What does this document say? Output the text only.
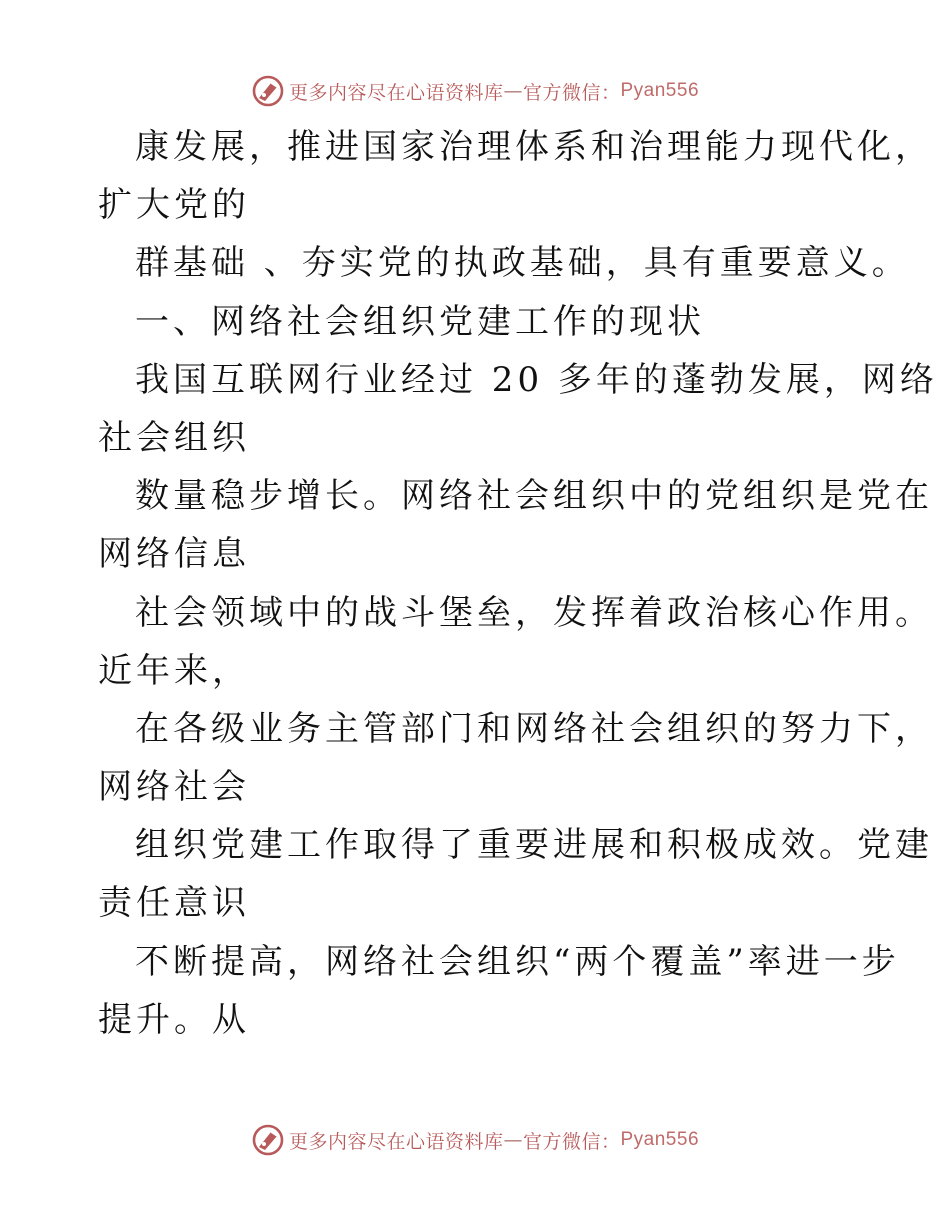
更多内容尽在心语资料库 — 官方微信： Pyan556
康发展，推进国家治理体系和治理能力现代化，
扩大党的
群基础 、夯实党的执政基础，具有重要意义。
一、网络社会组织党建工作的现状
我国互联网行业经过 20 多年的蓬勃发展，网络
社会组织
数量稳步增长。网络社会组织中的党组织是党在
网络信息
社会领域中的战斗堡垒，发挥着政治核心作用。
近年来，
在各级业务主管部门和网络社会组织的努力下，
网络社会
组织党建工作取得了重要进展和积极成效。党建
责任意识
不断提高，网络社会组织“两个覆盖”率进一步
提升。从
更多内容尽在心语资料库 — 官方微信： Pyan556
